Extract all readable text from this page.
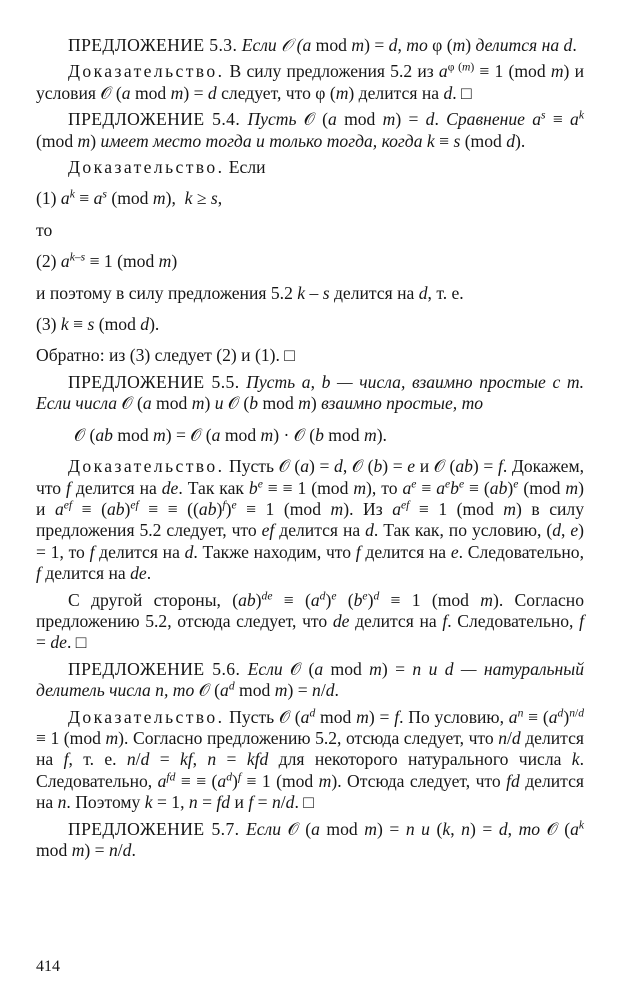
ПРЕДЛОЖЕНИЕ 5.3. Если 𝒪 (a mod m) = d, то φ (m) делится на d.

Доказательство. В силу предложения 5.2 из $a^{\varphi (m)} \equiv 1$ (mod m) и условия 𝒪 (a mod m) = d следует, что φ (m) делится на d. □

ПРЕДЛОЖЕНИЕ 5.4. Пусть 𝒪 (a mod m) = d. Сравнение $a^s \equiv a^k$ (mod m) имеет место тогда и только тогда, когда k ≡ s (mod d).

Доказательство. Если

(1) $a^k \equiv a^s$ (mod m),  k ≥ s,

то

(2) $a^{k-s} \equiv 1$ (mod m)

и поэтому в силу предложения 5.2 k – s делится на d, т. е.

(3) k ≡ s (mod d).

Обратно: из (3) следует (2) и (1). □

ПРЕДЛОЖЕНИЕ 5.5. Пусть a, b — числа, взаимно простые с m. Если числа 𝒪 (a mod m) и 𝒪 (b mod m) взаимно простые, то

𝒪 (ab mod m) = 𝒪 (a mod m) · 𝒪 (b mod m).

Доказательство. Пусть 𝒪 (a) = d, 𝒪 (b) = e и 𝒪 (ab) = f. Докажем, что f делится на de. Так как $b^e$ ≡ ≡ 1 (mod m), то $a^e \equiv a^eb^e \equiv (ab)^e$ (mod m) и $a^{ef} \equiv (ab)^{ef}$ ≡ ≡ $((ab)^f)^e \equiv 1$ (mod m). Из $a^{ef} \equiv 1$ (mod m) в силу предложения 5.2 следует, что ef делится на d. Так как, по условию, (d, e) = 1, то f делится на d. Также находим, что f делится на e. Следовательно, f делится на de.

С другой стороны, $(ab)^{de} \equiv (a^d)^e$ $(b^e)^d \equiv 1$ (mod m). Согласно предложению 5.2, отсюда следует, что de делится на f. Следовательно, f = de. □

ПРЕДЛОЖЕНИЕ 5.6. Если 𝒪 (a mod m) = n и d — натуральный делитель числа n, то 𝒪 ($a^d$ mod m) = n/d.

Доказательство. Пусть 𝒪 ($a^d$ mod m) = f. По условию, $a^n \equiv (a^d)^{n/d} \equiv 1$ (mod m). Согласно предложению 5.2, отсюда следует, что n/d делится на f, т. е. n/d = kf, n = kfd для некоторого натурального числа k. Следовательно, $a^{fd}$ ≡ ≡ $(a^d)^f \equiv 1$ (mod m). Отсюда следует, что fd делится на n. Поэтому k = 1, n = fd и f = n/d. □

ПРЕДЛОЖЕНИЕ 5.7. Если 𝒪 (a mod m) = n и (k, n) = d, то 𝒪 ($a^k$ mod m) = n/d.

414
